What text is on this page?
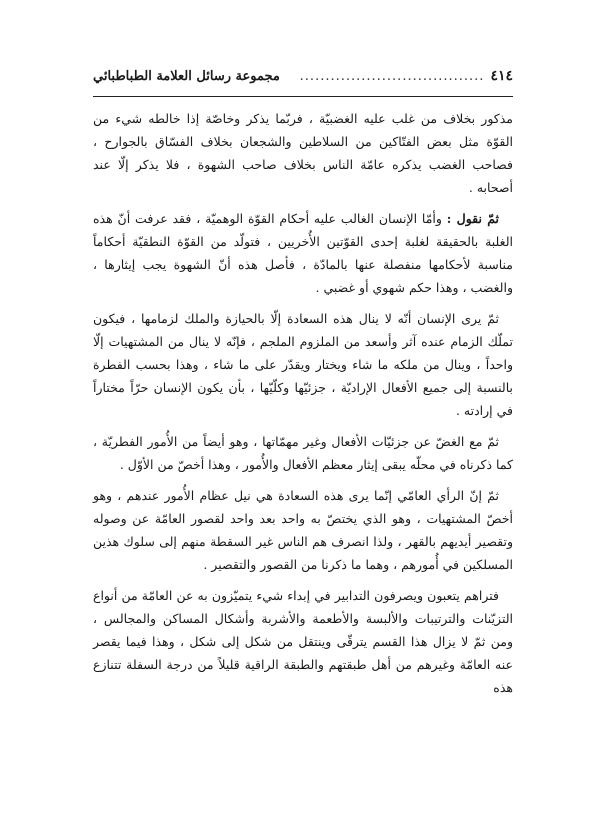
٤١٤
....................................
مجموعة رسائل العلامة الطباطبائي

مذكور بخلاف من غلب عليه الغضبيّة ، فربّما يذكر وخاصّة إذا خالطه شيء من القوّة مثل بعض الفتّاكين من السلاطين والشجعان بخلاف الفسّاق بالجوارح ، فصاحب الغضب يذكره عامّة الناس بخلاف صاحب الشهوة ، فلا يذكر إلّا عند أصحابه .

ثمّ نقول : وأمّا الإنسان الغالب عليه أحكام القوّة الوهميّة ، فقد عرفت أنّ هذه الغلبة بالحقيقة لغلبة إحدى القوّتين الأُخريين ، فتولّد من القوّة النطقيّة أحكاماً مناسبة لأحكامها منفصلة عنها بالمادّة ، فأصل هذه أنّ الشهوة يجب إيثارها ، والغضب ، وهذا حكم شهوي أو غضبي .

ثمّ يرى الإنسان أنّه لا ينال هذه السعادة إلّا بالحيازة والملك لزمامها ، فيكون تملّك الزمام عنده آثر وأسعد من الملزوم الملجم ، فإنّه لا ينال من المشتهيات إلّا واحداً ، وينال من ملكه ما شاء ويختار ويقدّر على ما شاء ، وهذا بحسب الفطرة بالنسبة إلى جميع الأفعال الإراديّة ، جزئيّها وكلّيّها ، بأن يكون الإنسان حرّاً مختاراً في إرادته .

ثمّ مع الغضّ عن جزئيّات الأفعال وغير مهمّاتها ، وهو أيضاً من الأُمور الفطريّة ، كما ذكرناه في محلّه يبقى إيثار معظم الأفعال والأُمور ، وهذا أخصّ من الأوّل .

ثمّ إنّ الرأي العامّي إنّما يرى هذه السعادة هي نيل عظام الأُمور عندهم ، وهو أخصّ المشتهيات ، وهو الذي يختصّ به واحد بعد واحد لقصور العامّة عن وصوله وتقصير أيديهم بالقهر ، ولذا انصرف هم الناس غير السقطة منهم إلى سلوك هذين المسلكين في أُمورهم ، وهما ما ذكرنا من القصور والتقصير .

فتراهم يتعبون ويصرفون التدابير في إبداء شيء يتميّزون به عن العامّة من أنواع التزيّنات والترتيبات والألبسة والأطعمة والأشربة وأشكال المساكن والمجالس ، ومن ثمّ لا يزال هذا القسم يترقّى وينتقل من شكل إلى شكل ، وهذا فيما يقصر عنه العامّة وغيرهم من أهل طبقتهم والطبقة الراقية قليلاً من درجة السفلة تتنازع هذه
